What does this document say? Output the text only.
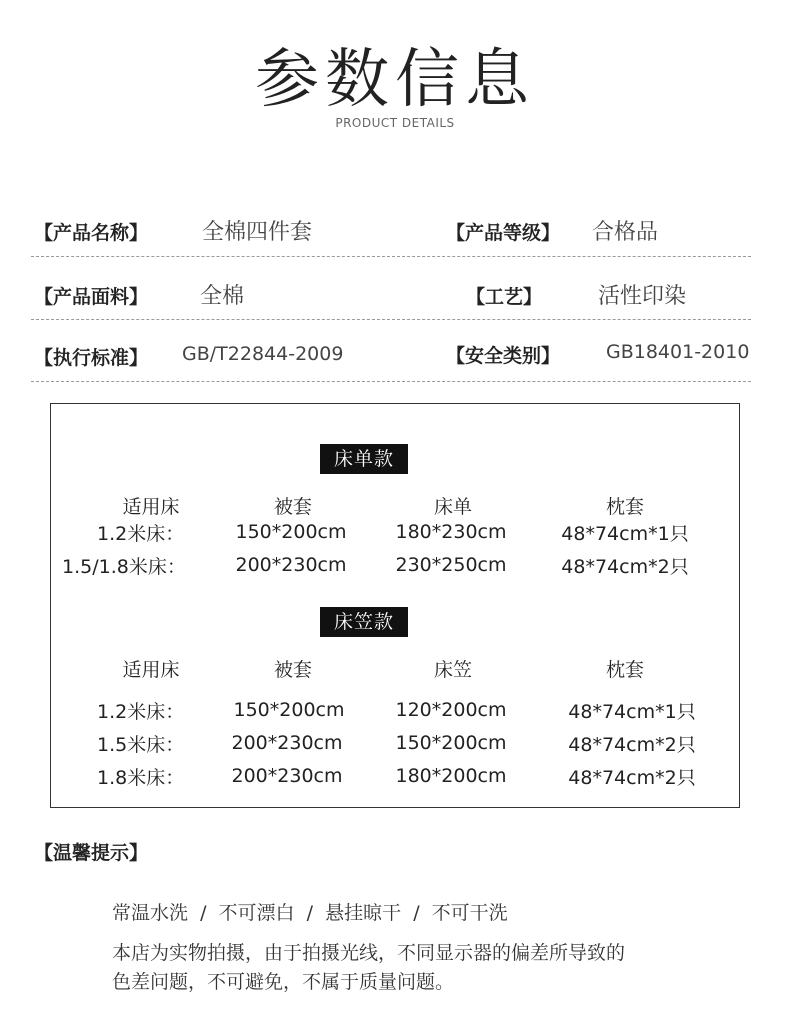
参数信息
PRODUCT DETAILS
【产品名称】 全棉四件套	【产品等级】 合格品
【产品面料】 全棉	【工艺】	活性印染
【执行标准】 GB/T22844-2009	【安全类别】 GB18401-2010
床单款
适用床	被套	床单	枕套
1.2米床：	150*200cm	180*230cm	48*74cm*1只
1.5/1.8米床：	200*230cm	230*250cm	48*74cm*2只
床笠款
适用床	被套	床笠	枕套
1.2米床：	150*200cm	120*200cm	48*74cm*1只
1.5米床： 200*230cm	150*200cm	48*74cm*2只
1.8米床： 200*230cm	180*200cm	48*74cm*2只
【温馨提示】
常温水洗  /  不可漂白  /  悬挂晾干  /  不可干洗
本店为实物拍摄，由于拍摄光线，不同显示器的偏差所导致的
色差问题，不可避免，不属于质量问题。
